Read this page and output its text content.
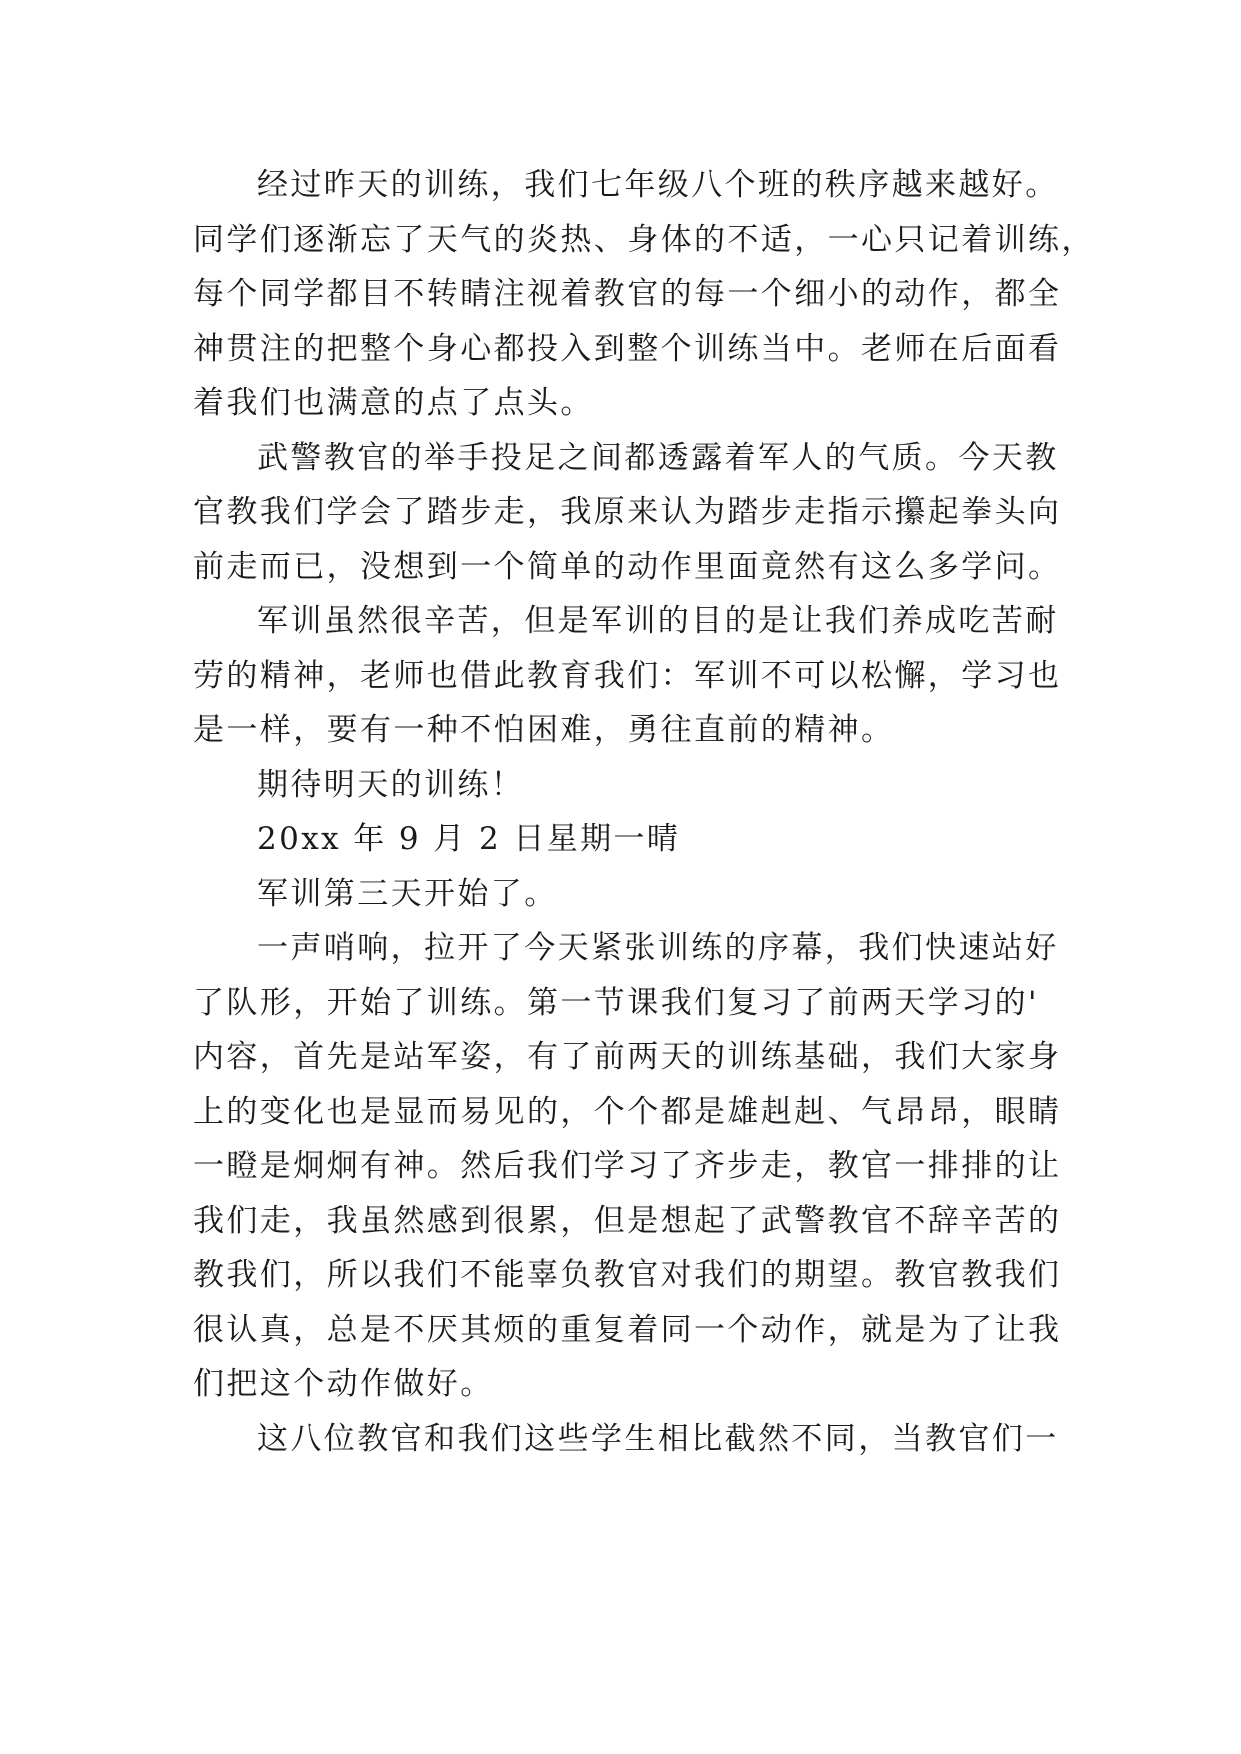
经过昨天的训练，我们七年级八个班的秩序越来越好。
同学们逐渐忘了天气的炎热、身体的不适，一心只记着训练，
每个同学都目不转睛注视着教官的每一个细小的动作，都全
神贯注的把整个身心都投入到整个训练当中。老师在后面看
着我们也满意的点了点头。
武警教官的举手投足之间都透露着军人的气质。今天教
官教我们学会了踏步走，我原来认为踏步走指示攥起拳头向
前走而已，没想到一个简单的动作里面竟然有这么多学问。
军训虽然很辛苦，但是军训的目的是让我们养成吃苦耐
劳的精神，老师也借此教育我们：军训不可以松懈，学习也
是一样，要有一种不怕困难，勇往直前的精神。
期待明天的训练！
20xx 年 9 月 2 日星期一晴
军训第三天开始了。
一声哨响，拉开了今天紧张训练的序幕，我们快速站好
了队形，开始了训练。第一节课我们复习了前两天学习的'
内容，首先是站军姿，有了前两天的训练基础，我们大家身
上的变化也是显而易见的，个个都是雄赳赳、气昂昂，眼睛
一瞪是炯炯有神。然后我们学习了齐步走，教官一排排的让
我们走，我虽然感到很累，但是想起了武警教官不辞辛苦的
教我们，所以我们不能辜负教官对我们的期望。教官教我们
很认真，总是不厌其烦的重复着同一个动作，就是为了让我
们把这个动作做好。
这八位教官和我们这些学生相比截然不同，当教官们一
